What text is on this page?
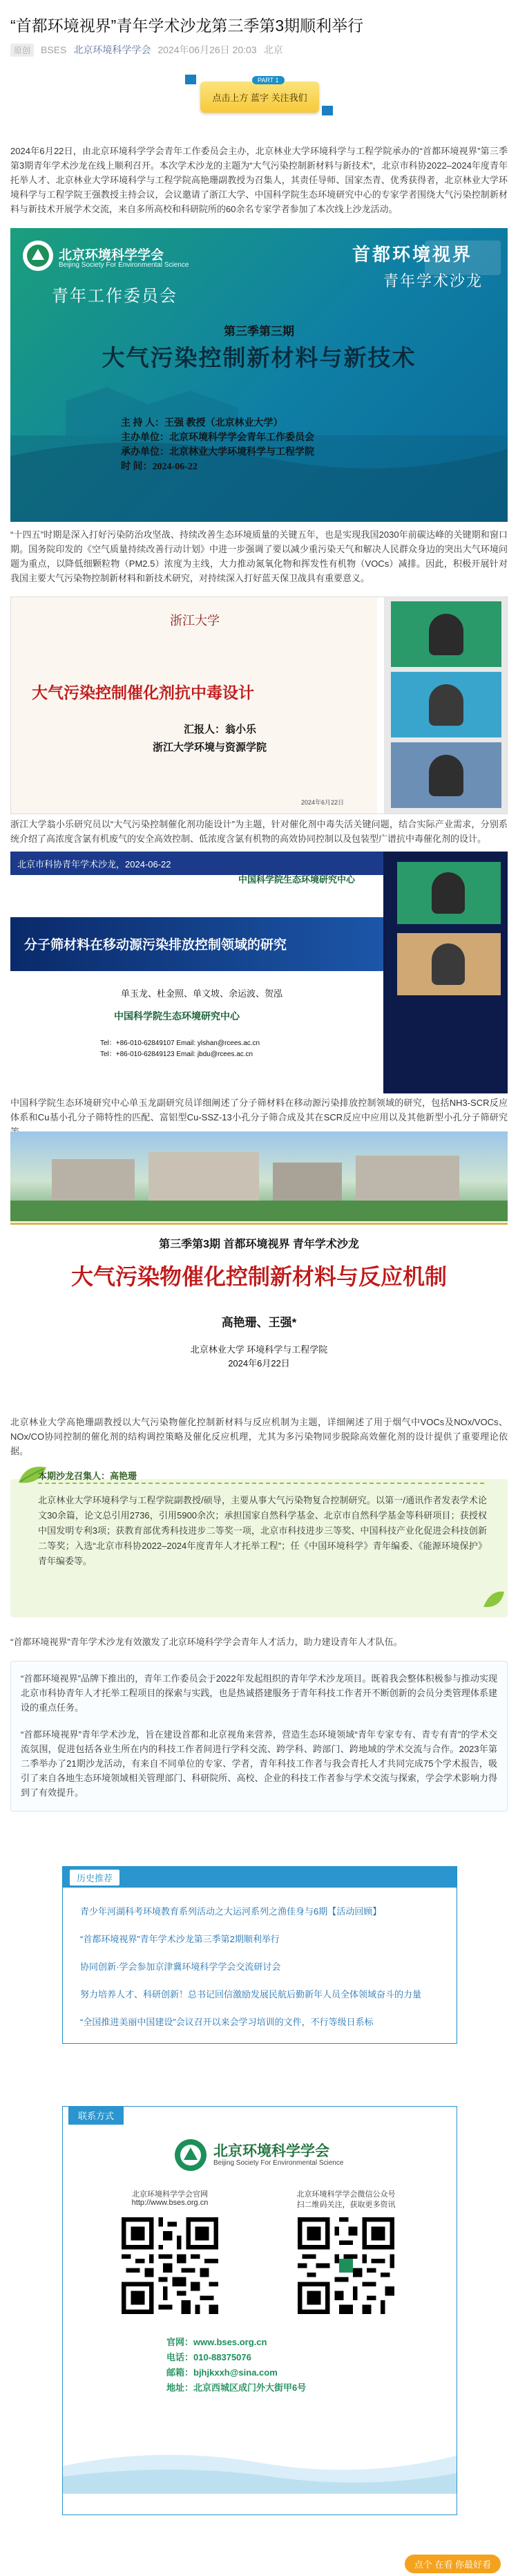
“首都环境视界”青年学术沙龙第三季第3期顺利举行
原创	BSES 北京环境科学学会 2024年06月26日 20:03 北京
点击上方 蓝字 关注我们
PART 1
2024年6月22日，由北京环境科学学会青年工作委员会主办，北京林业大学环境科学与工程学院承办的“首都环境视界”第三季第3期青年学术沙龙在线上顺利召开。本次学术沙龙的主题为“大气污染控制新材料与新技术”，北京市科协2022–2024年度青年托举人才、北京林业大学环境科学与工程学院高艳珊副教授为召集人，其责任导师、国家杰青、优秀获得者，北京林业大学环境科学与工程学院王强教授主持会议，会议邀请了浙江大学、中国科学院生态环境研究中心的专家学者围绕大气污染控制新材料与新技术开展学术交流，来自多所高校和科研院所的60余名专家学者参加了本次线上沙龙活动。
北京环境科学学会
Beijing Society For Environmental Science
青年工作委员会
首都环境视界
青年学术沙龙
第三季第三期
大气污染控制新材料与新技术
主 持 人：王强 教授（北京林业大学）
主办单位：北京环境科学学会青年工作委员会
承办单位：北京林业大学环境科学与工程学院
时 间：2024-06-22
“十四五”时期是深入打好污染防治攻坚战、持续改善生态环境质量的关键五年，也是实现我国2030年前碳达峰的关键期和窗口期。国务院印发的《空气质量持续改善行动计划》中进一步强调了要以减少重污染天气和解决人民群众身边的突出大气环境问题为重点，以降低细颗粒物（PM2.5）浓度为主线，大力推动氮氧化物和挥发性有机物（VOCs）减排。因此，积极开展针对我国主要大气污染物控制新材料和新技术研究，对持续深入打好蓝天保卫战具有重要意义。
浙江大学
大气污染控制催化剂抗中毒设计
汇报人：翁小乐
浙江大学环境与资源学院
2024年6月22日
浙江大学翁小乐研究员以“大气污染控制催化剂功能设计”为主题，针对催化剂中毒失活关键问题，结合实际产业需求，分别系统介绍了高浓度含氯有机废气的安全高效控制、低浓度含氯有机物的高效协同控制以及包装型广谱抗中毒催化剂的设计。
北京市科协青年学术沙龙，2024-06-22
中国科学院生态环境研究中心
分子筛材料在移动源污染排放控制领域的研究
单玉龙、杜金照、单文坡、余运波、贺泓
中国科学院生态环境研究中心
Tel：+86-010-62849107 Email: ylshan@rcees.ac.cn
Tel：+86-010-62849123 Email: jbdu@rcees.ac.cn
中国科学院生态环境研究中心单玉龙副研究员详细阐述了分子筛材料在移动源污染排放控制领域的研究，包括NH3-SCR反应体系和Cu基小孔分子筛特性的匹配、富铝型Cu-SSZ-13小孔分子筛合成及其在SCR反应中应用以及其他新型小孔分子筛研究
第三季第3期 首都环境视界 青年学术沙龙
大气污染物催化控制新材料与反应机制
高艳珊、王强*
北京林业大学 环境科学与工程学院
2024年6月22日
北京林业大学高艳珊副教授以大气污染物催化控制新材料与反应机制为主题，详细阐述了用于烟气中VOCs及NOx/VOCs、NOx/CO协同控制的催化剂的结构调控策略及催化反应机理，尤其为多污染物同步脱除高效催化剂的设计提供了重要理论依据。
本期沙龙召集人：高艳珊
北京林业大学环境科学与工程学院副教授/硕导，主要从事大气污染物复合控制研究。以第一/通讯作者发表学术论文30余篇，论文总引用2736，引用5900余次；承担国家自然科学基金、北京市自然科学基金等科研项目；获授权中国发明专利3项；获教育部优秀科技进步二等奖一项，北京市科技进步三等奖、中国科技产业化促进会科技创新二等奖；入选“北京市科协2022–2024年度青年人才托举工程”；任《中国环境科学》青年编委、《能源环境保护》青年编委等。
“首都环境视界”青年学术沙龙有效激发了北京环境科学学会青年人才活力，助力建设青年人才队伍。
“首都环境视界”品牌下推出的，青年工作委员会于2022年发起组织的青年学术沙龙项目。既着我会整体积极参与推动实现北京市科协青年人才托举工程项目的探索与实践，也是热诚搭建服务于青年科技工作者开不断创新的会员分类管理体系建设的重点任务。
“首都环境视界”青年学术沙龙，旨在建设首都和北京视角来营养，营造生态环境领域“青年专家专有、青专有青”的学术交流氛围，促进包括各业生所在内的科技工作者间进行学科交流、跨学科、跨部门、跨地域的学术交流与合作。2023年第二季举办了21期沙龙活动，有来自不同单位的专家、学者，青年科技工作者与我会青托人才共同完成75个学术报告，吸引了来自各地生态环境领域相关管理部门、科研院所、高校、企业的科技工作者参与学术交流与探索，学会学术影响力得到了有效提升。
历史推荐
青少年河湖科考环境教育系列活动之大运河系列之渔佳身与6期【活动回顾】
“首都环境视界”青年学术沙龙第三季第2期顺利举行
协同创新·学会参加京津冀环境科学学会交流研讨会
努力培养人才、科研创新！总书记回信激励发展民航后勤新年人员全体领域奋斗的力量
“全国推进美丽中国建设”会议召开以来会学习培训的文件，不行等级日系标
联系方式
北京环境科学学会
Beijing Society For Environmental Science
北京环境科学学会官网
http://www.bses.org.cn
北京环境科学学会微信公众号
扫二维码关注，获取更多资讯
官网：www.bses.org.cn
电话：010-88375076
邮箱：bjhjkxxh@sina.com
地址：北京西城区成门外大街甲6号
点个 在看 你最好看
